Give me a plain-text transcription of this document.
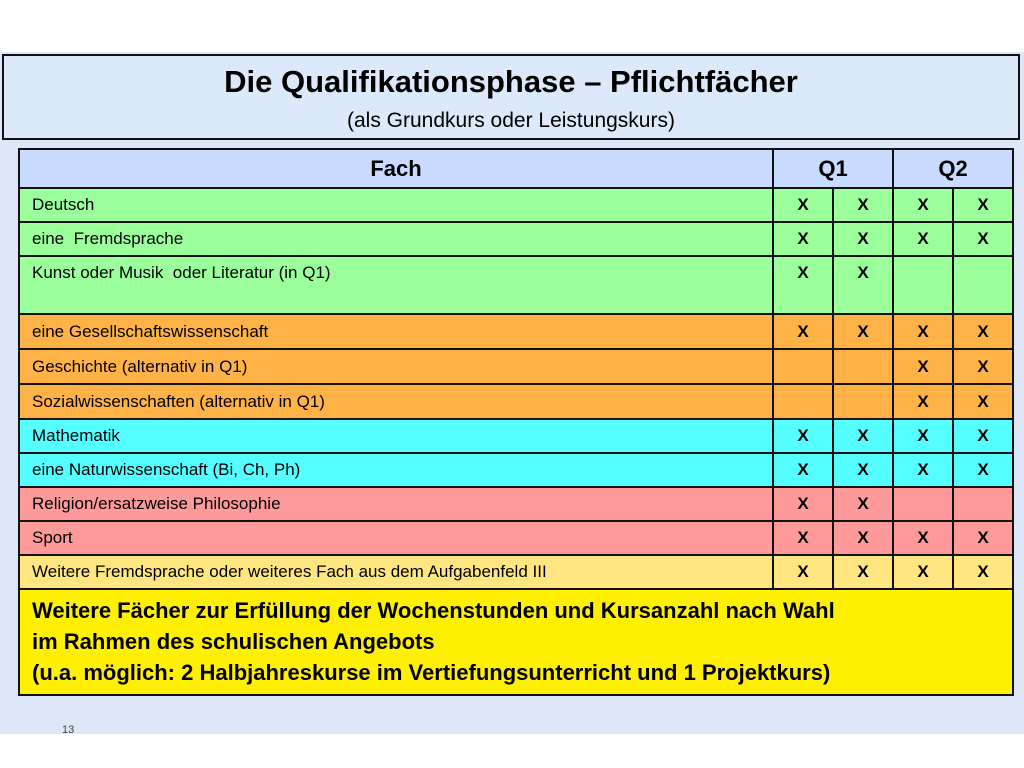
Die Qualifikationsphase – Pflichtfächer
(als Grundkurs oder Leistungskurs)
Fach	Q1		Q2	
Deutsch	X	X	X	X
eine  Fremdsprache	X	X	X	X
Kunst oder Musik  oder Literatur (in Q1)	X	X		
eine Gesellschaftswissenschaft	X	X	X	X
Geschichte (alternativ in Q1)			X	X
Sozialwissenschaften (alternativ in Q1)			X	X
Mathematik	X	X	X	X
eine Naturwissenschaft (Bi, Ch, Ph)	X	X	X	X
Religion/ersatzweise Philosophie	X	X		
Sport	X	X	X	X
Weitere Fremdsprache oder weiteres Fach aus dem Aufgabenfeld III	X	X	X	X

Weitere Fächer zur Erfüllung der Wochenstunden und Kursanzahl nach Wahl
im Rahmen des schulischen Angebots
(u.a. möglich: 2 Halbjahreskurse im Vertiefungsunterricht und 1 Projektkurs)				
13
